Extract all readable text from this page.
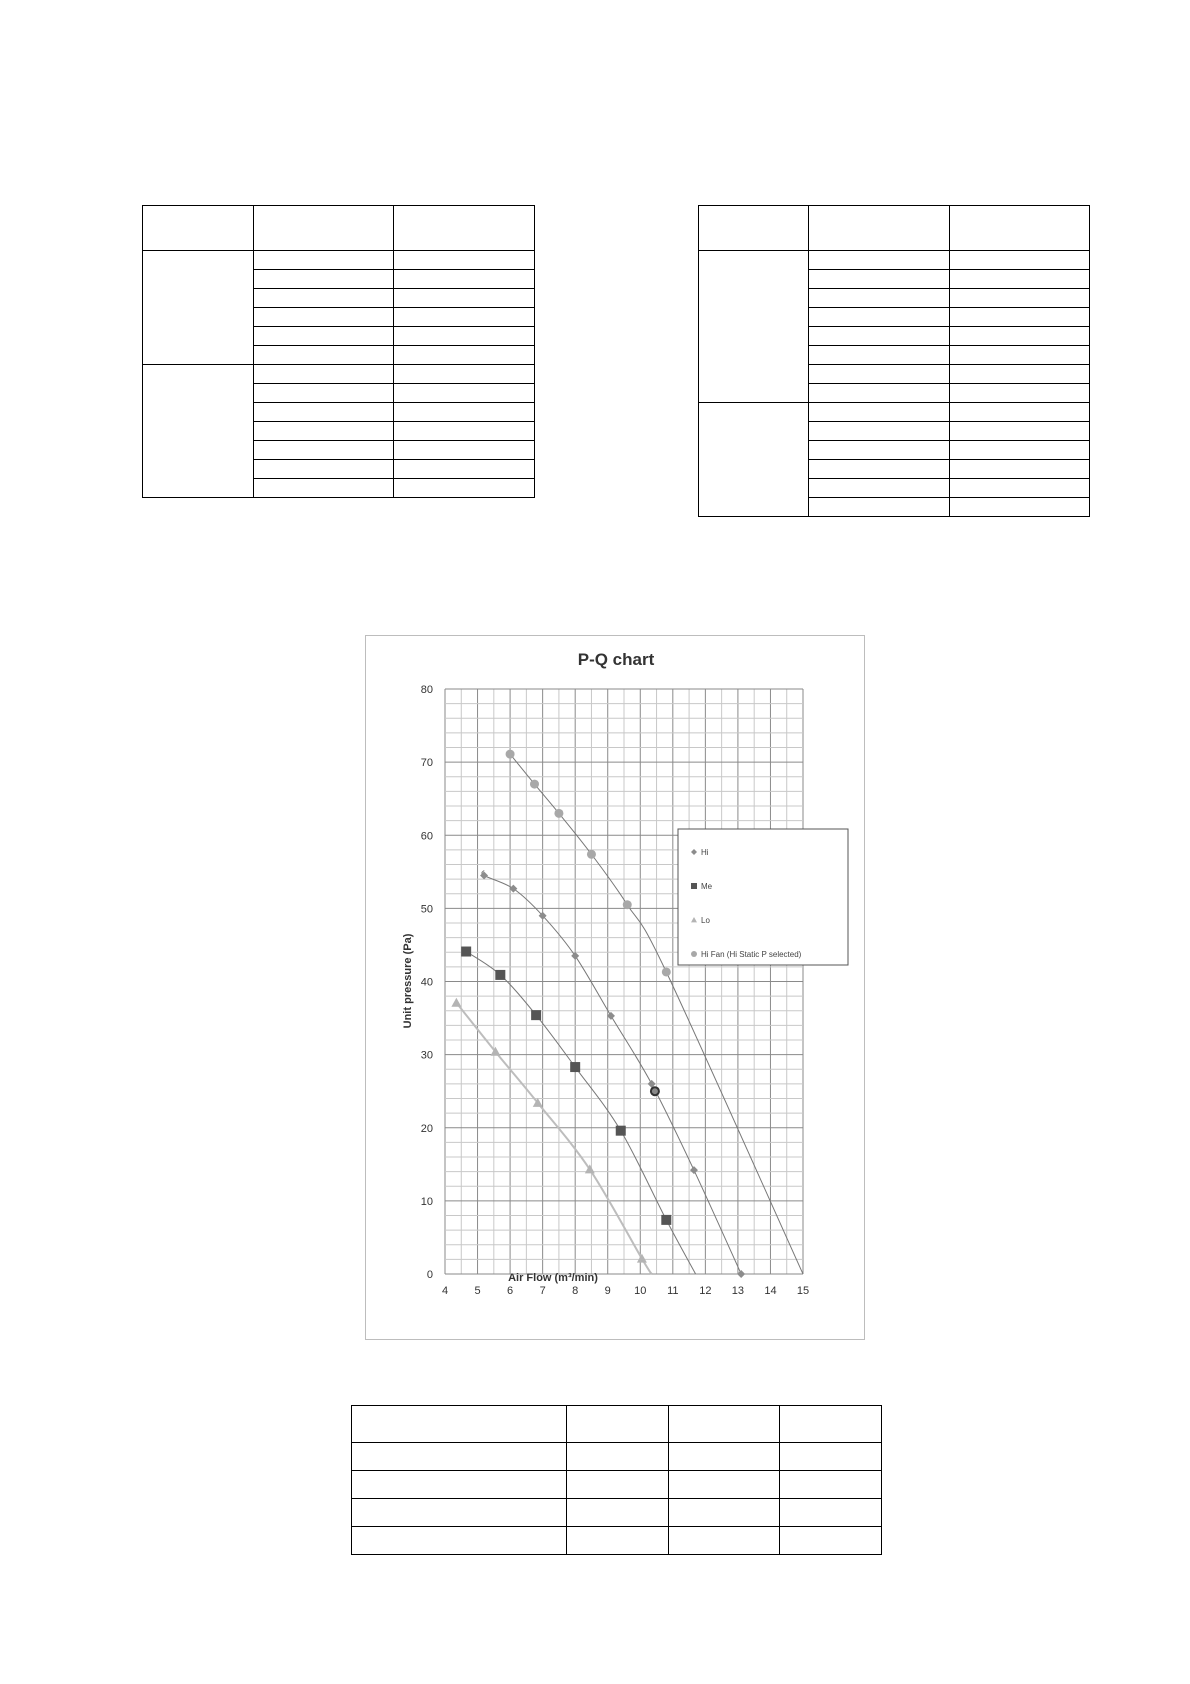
P-Q chart
4 5 6 7 8 9 10 11 12 13 14 15
0
10
20
30
40
50
60
70
80
Air Flow (m³/min)
Unit pressure (Pa)
Hi
Me
Lo
Hi Fan (Hi Static P selected)
